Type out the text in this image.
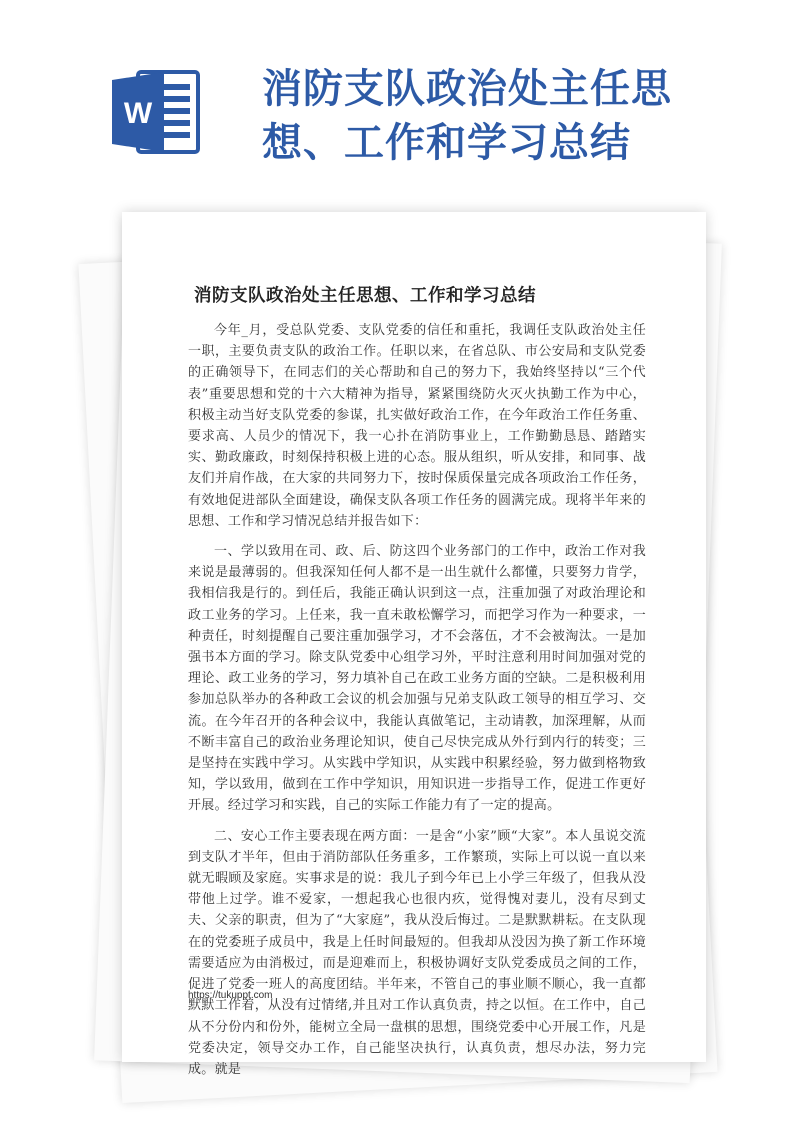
W
消防支队政治处主任思想、工作和学习总结
消防支队政治处主任思想、工作和学习总结

今年_月，受总队党委、支队党委的信任和重托，我调任支队政治处主任一职，主要负责支队的政治工作。任职以来，在省总队、市公安局和支队党委的正确领导下，在同志们的关心帮助和自己的努力下，我始终坚持以“三个代表”重要思想和党的十六大精神为指导，紧紧围绕防火灭火执勤工作为中心，积极主动当好支队党委的参谋，扎实做好政治工作，在今年政治工作任务重、要求高、人员少的情况下，我一心扑在消防事业上，工作勤勤恳恳、踏踏实实、勤政廉政，时刻保持积极上进的心态。服从组织，听从安排，和同事、战友们并肩作战，在大家的共同努力下，按时保质保量完成各项政治工作任务，有效地促进部队全面建设，确保支队各项工作任务的圆满完成。现将半年来的思想、工作和学习情况总结并报告如下：

一、学以致用在司、政、后、防这四个业务部门的工作中，政治工作对我来说是最薄弱的。但我深知任何人都不是一出生就什么都懂，只要努力肯学，我相信我是行的。到任后，我能正确认识到这一点，注重加强了对政治理论和政工业务的学习。上任来，我一直未敢松懈学习，而把学习作为一种要求，一种责任，时刻提醒自己要注重加强学习，才不会落伍，才不会被淘汰。一是加强书本方面的学习。除支队党委中心组学习外，平时注意利用时间加强对党的理论、政工业务的学习，努力填补自己在政工业务方面的空缺。二是积极利用参加总队举办的各种政工会议的机会加强与兄弟支队政工领导的相互学习、交流。在今年召开的各种会议中，我能认真做笔记，主动请教，加深理解，从而不断丰富自己的政治业务理论知识，使自己尽快完成从外行到内行的转变；三是坚持在实践中学习。从实践中学知识，从实践中积累经验，努力做到格物致知，学以致用，做到在工作中学知识，用知识进一步指导工作，促进工作更好开展。经过学习和实践，自己的实际工作能力有了一定的提高。

二、安心工作主要表现在两方面：一是舍“小家”顾“大家”。本人虽说交流到支队才半年，但由于消防部队任务重多，工作繁琐，实际上可以说一直以来就无暇顾及家庭。实事求是的说：我儿子到今年已上小学三年级了，但我从没带他上过学。谁不爱家，一想起我心也很内疚，觉得愧对妻儿，没有尽到丈夫、父亲的职责，但为了“大家庭”，我从没后悔过。二是默默耕耘。在支队现在的党委班子成员中，我是上任时间最短的。但我却从没因为换了新工作环境需要适应为由消极过，而是迎难而上，积极协调好支队党委成员之间的工作，促进了党委一班人的高度团结。半年来，不管自己的事业顺不顺心，我一直都默默工作着，从没有过情绪,并且对工作认真负责，持之以恒。在工作中，自己从不分份内和份外，能树立全局一盘棋的思想，围绕党委中心开展工作，凡是党委决定，领导交办工作，自己能坚决执行，认真负责，想尽办法，努力完成。就是

https://tukuppt.com
